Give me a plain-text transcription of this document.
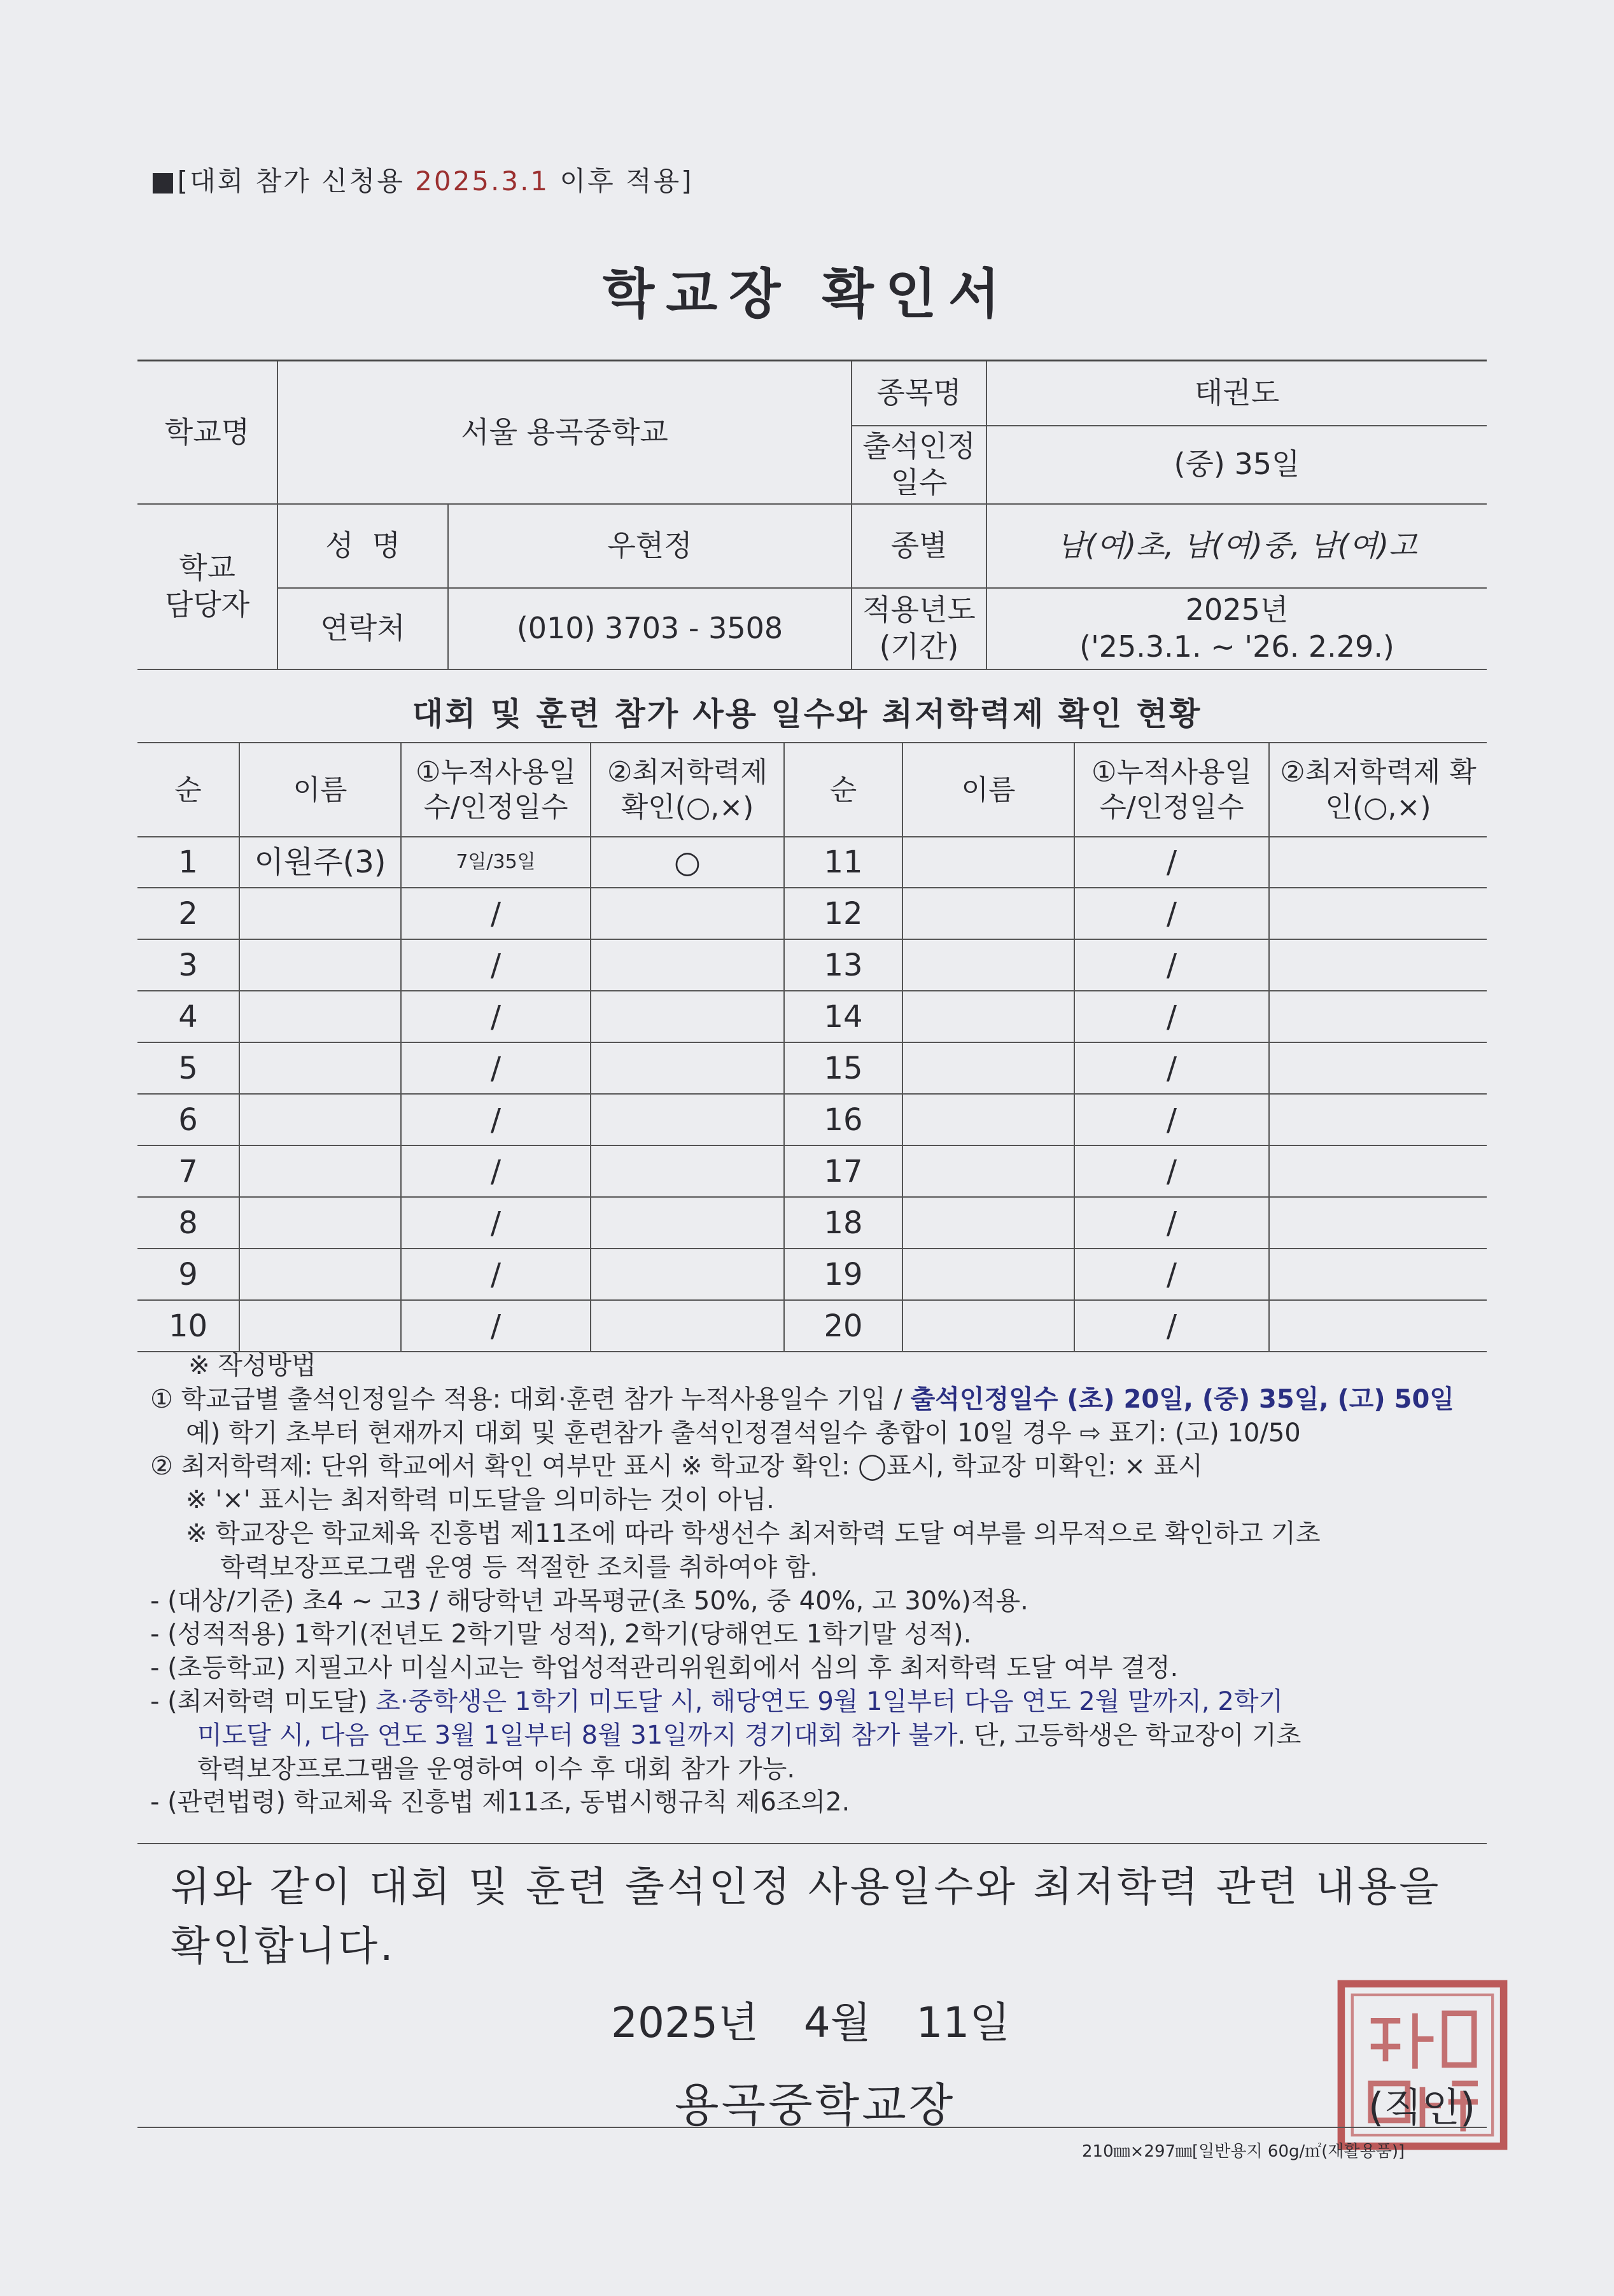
■[대회 참가 신청용 2025.3.1 이후 적용]
학교장 확인서
학교명	서울 용곡중학교		종목명	태권도
			출석인정 일수	(중) 35일
학교 담당자	성  명	우현정	종별	남(여)초, 남(여)중, 남(여)고
	연락처	(010) 3703 - 3508	적용년도 (기간)	2025년
('25.3.1. ~ '26. 2.29.)
대회 및 훈련 참가 사용 일수와 최저학력제 확인 현황
순	이름	①누적사용일수/인정일수	②최저학력제 확인(○,×)	순	이름	①누적사용일수/인정일수	②최저학력제 확인(○,×)
1	이원주(3)	7일/35일	○	11		/	
2		/		12		/	
3		/		13		/	
4		/		14		/	
5		/		15		/	
6		/		16		/	
7		/		17		/	
8		/		18		/	
9		/		19		/	
10		/		20		/	

※ 작성방법

① 학교급별 출석인정일수 적용: 대회·훈련 참가 누적사용일수 기입 / 출석인정일수 (초) 20일, (중) 35일, (고) 50일

예) 학기 초부터 현재까지 대회 및 훈련참가 출석인정결석일수 총합이 10일 경우 ⇨ 표기: (고) 10/50

② 최저학력제: 단위 학교에서 확인 여부만 표시 ※ 학교장 확인: ◯표시, 학교장 미확인: × 표시

※ '×' 표시는 최저학력 미도달을 의미하는 것이 아님.

※ 학교장은 학교체육 진흥법 제11조에 따라 학생선수 최저학력 도달 여부를 의무적으로 확인하고 기초

학력보장프로그램 운영 등 적절한 조치를 취하여야 함.

- (대상/기준) 초4 ~ 고3 / 해당학년 과목평균(초 50%, 중 40%, 고 30%)적용.

- (성적적용) 1학기(전년도 2학기말 성적), 2학기(당해연도 1학기말 성적).

- (초등학교) 지필고사 미실시교는 학업성적관리위원회에서 심의 후 최저학력 도달 여부 결정.

- (최저학력 미도달) 초·중학생은 1학기 미도달 시, 해당연도 9월 1일부터 다음 연도 2월 말까지, 2학기

미도달 시, 다음 연도 3월 1일부터 8월 31일까지 경기대회 참가 불가. 단, 고등학생은 학교장이 기초

학력보장프로그램을 운영하여 이수 후 대회 참가 가능.

- (관련법령) 학교체육 진흥법 제11조, 동법시행규칙 제6조의2.

위와 같이 대회 및 훈련 출석인정 사용일수와 최저학력 관련 내용을 확인합니다.
2025년 4월 11일
용곡중학교장	(직인)
210㎜×297㎜[일반용지 60g/㎡(재활용품)]
